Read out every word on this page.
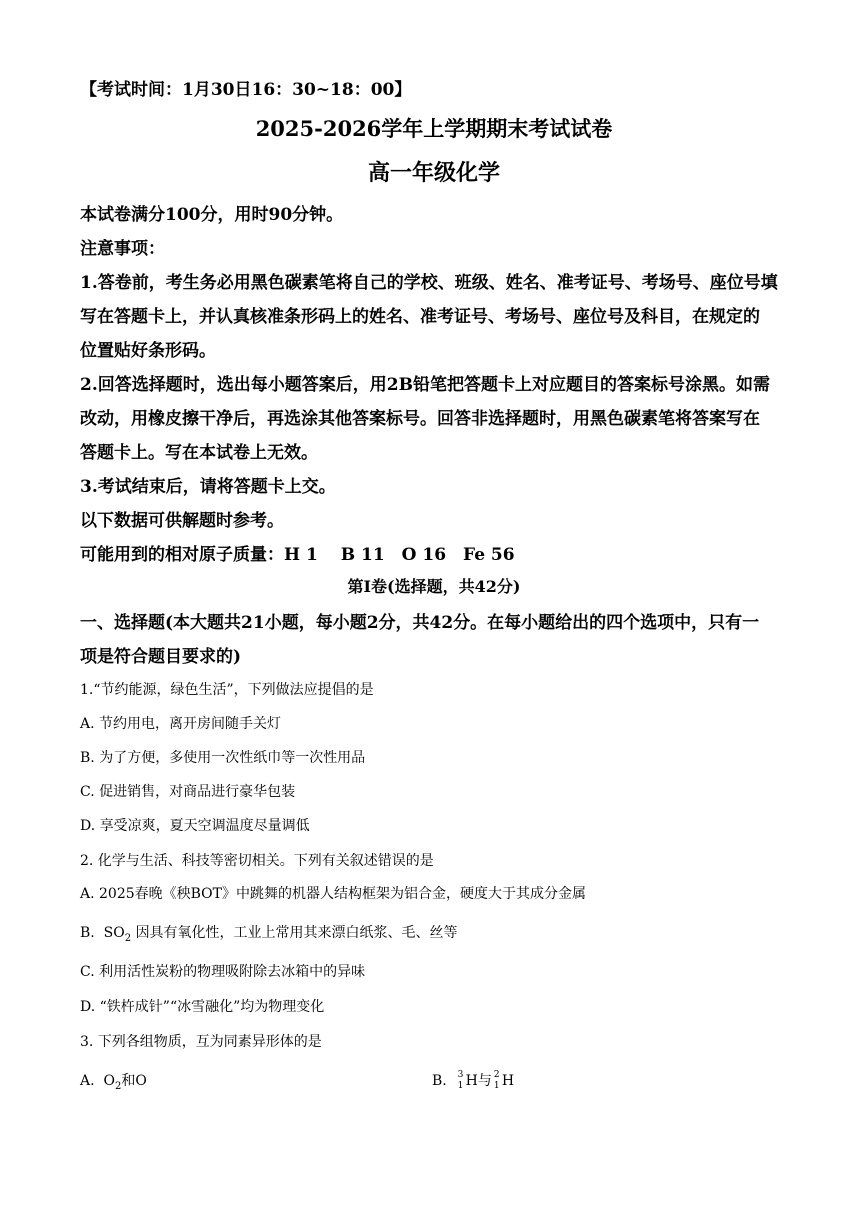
【考试时间：1月30日16：30~18：00】
2025-2026学年上学期期末考试试卷
高一年级化学
本试卷满分100分，用时90分钟。
注意事项：
1.答卷前，考生务必用黑色碳素笔将自己的学校、班级、姓名、准考证号、考场号、座位号填
写在答题卡上，并认真核准条形码上的姓名、准考证号、考场号、座位号及科目，在规定的
位置贴好条形码。
2.回答选择题时，选出每小题答案后，用2B铅笔把答题卡上对应题目的答案标号涂黑。如需
改动，用橡皮擦干净后，再选涂其他答案标号。回答非选择题时，用黑色碳素笔将答案写在
答题卡上。写在本试卷上无效。
3.考试结束后，请将答题卡上交。
以下数据可供解题时参考。
可能用到的相对原子质量：H 1　 B 11　O 16　Fe 56
第I卷(选择题，共42分)
一、选择题(本大题共21小题，每小题2分，共42分。在每小题给出的四个选项中，只有一
项是符合题目要求的)
1.“节约能源，绿色生活”，下列做法应提倡的是
A. 节约用电，离开房间随手关灯
B. 为了方便，多使用一次性纸巾等一次性用品
C. 促进销售，对商品进行豪华包装
D. 享受凉爽，夏天空调温度尽量调低
2. 化学与生活、科技等密切相关。下列有关叙述错误的是
A. 2025春晚《秧BOT》中跳舞的机器人结构框架为铝合金，硬度大于其成分金属
B. $SO_2$ 因具有氧化性，工业上常用其来漂白纸浆、毛、丝等
C. 利用活性炭粉的物理吸附除去冰箱中的异味
D. “铁杵成针”“冰雪融化”均为物理变化
3. 下列各组物质，互为同素异形体的是
A. $O_2$和O	B. 3
1 H与 2
1 H
